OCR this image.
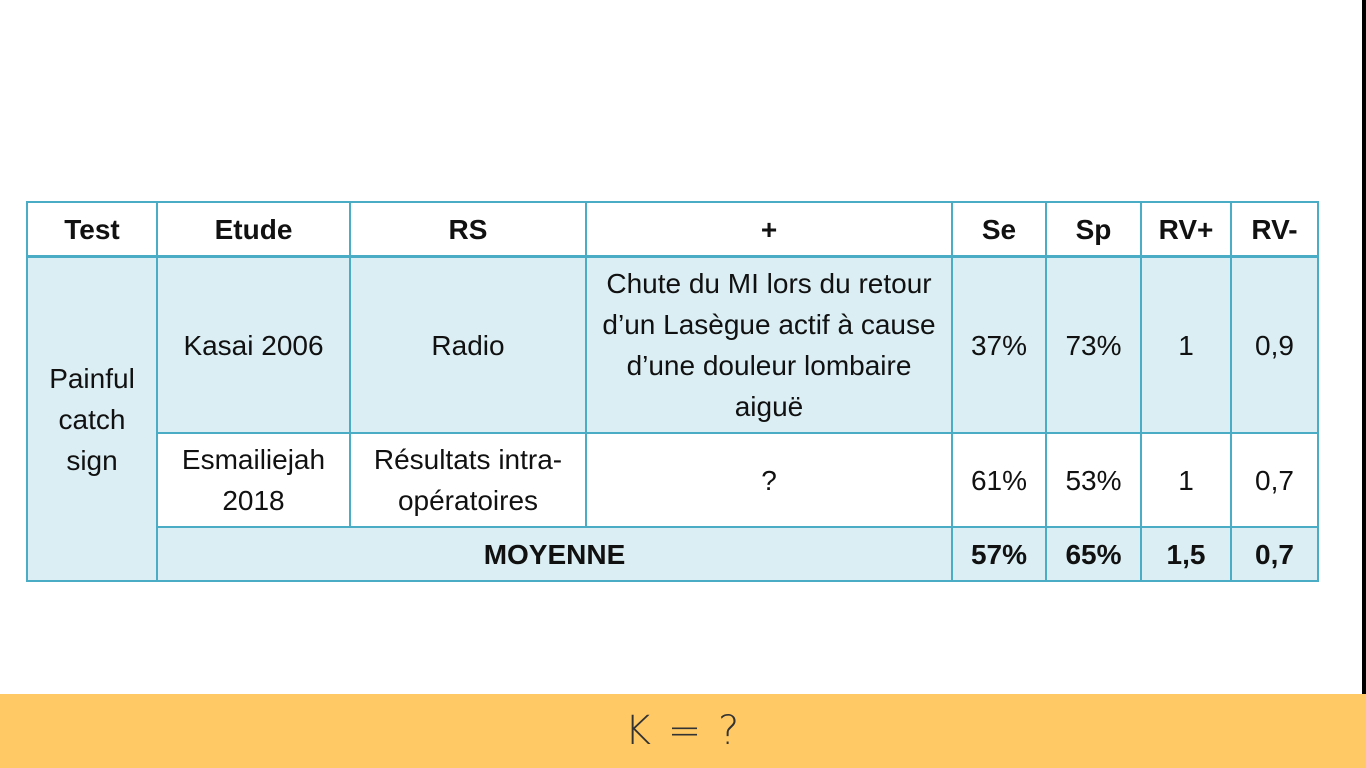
Test	Etude	RS	+	Se	Sp	RV+	RV-
Painful catch sign	Kasai 2006	Radio	Chute du MI lors du retour d’un Lasègue actif à cause d’une douleur lombaire aiguë	37%	73%	1	0,9
	Esmailiejah 2018	Résultats intra-opératoires	?	61%	53%	1	0,7
	MOYENNE			57%	65%	1,5	0,7
K = ?
